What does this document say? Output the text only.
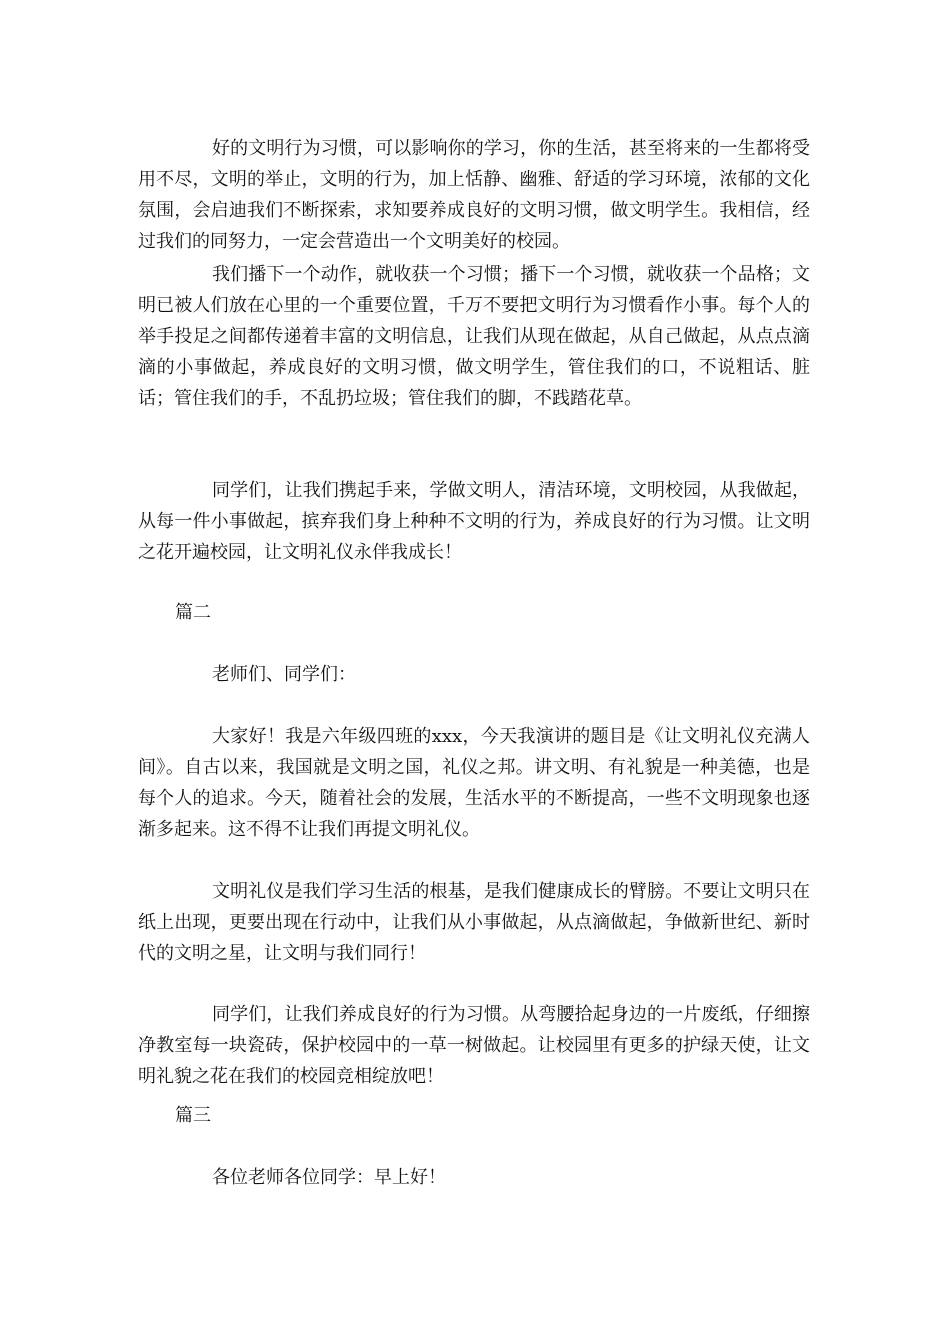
好的文明行为习惯，可以影响你的学习，你的生活，甚至将来的一生都将受用不尽，文明的举止，文明的行为，加上恬静、幽雅、舒适的学习环境，浓郁的文化氛围，会启迪我们不断探索，求知要养成良好的文明习惯，做文明学生。我相信，经过我们的同努力，一定会营造出一个文明美好的校园。

我们播下一个动作，就收获一个习惯；播下一个习惯，就收获一个品格；文明已被人们放在心里的一个重要位置，千万不要把文明行为习惯看作小事。每个人的举手投足之间都传递着丰富的文明信息，让我们从现在做起，从自己做起，从点点滴滴的小事做起，养成良好的文明习惯，做文明学生，管住我们的口，不说粗话、脏话；管住我们的手，不乱扔垃圾；管住我们的脚，不践踏花草。

同学们，让我们携起手来，学做文明人，清洁环境，文明校园，从我做起，从每一件小事做起，摈弃我们身上种种不文明的行为，养成良好的行为习惯。让文明之花开遍校园，让文明礼仪永伴我成长！

篇二

老师们、同学们：

大家好！我是六年级四班的xxx，今天我演讲的题目是《让文明礼仪充满人间》。自古以来，我国就是文明之国，礼仪之邦。讲文明、有礼貌是一种美德，也是每个人的追求。今天，随着社会的发展，生活水平的不断提高，一些不文明现象也逐渐多起来。这不得不让我们再提文明礼仪。

文明礼仪是我们学习生活的根基，是我们健康成长的臂膀。不要让文明只在纸上出现，更要出现在行动中，让我们从小事做起，从点滴做起，争做新世纪、新时代的文明之星，让文明与我们同行！

同学们，让我们养成良好的行为习惯。从弯腰拾起身边的一片废纸，仔细擦净教室每一块瓷砖，保护校园中的一草一树做起。让校园里有更多的护绿天使，让文明礼貌之花在我们的校园竞相绽放吧！

篇三

各位老师各位同学：早上好！
